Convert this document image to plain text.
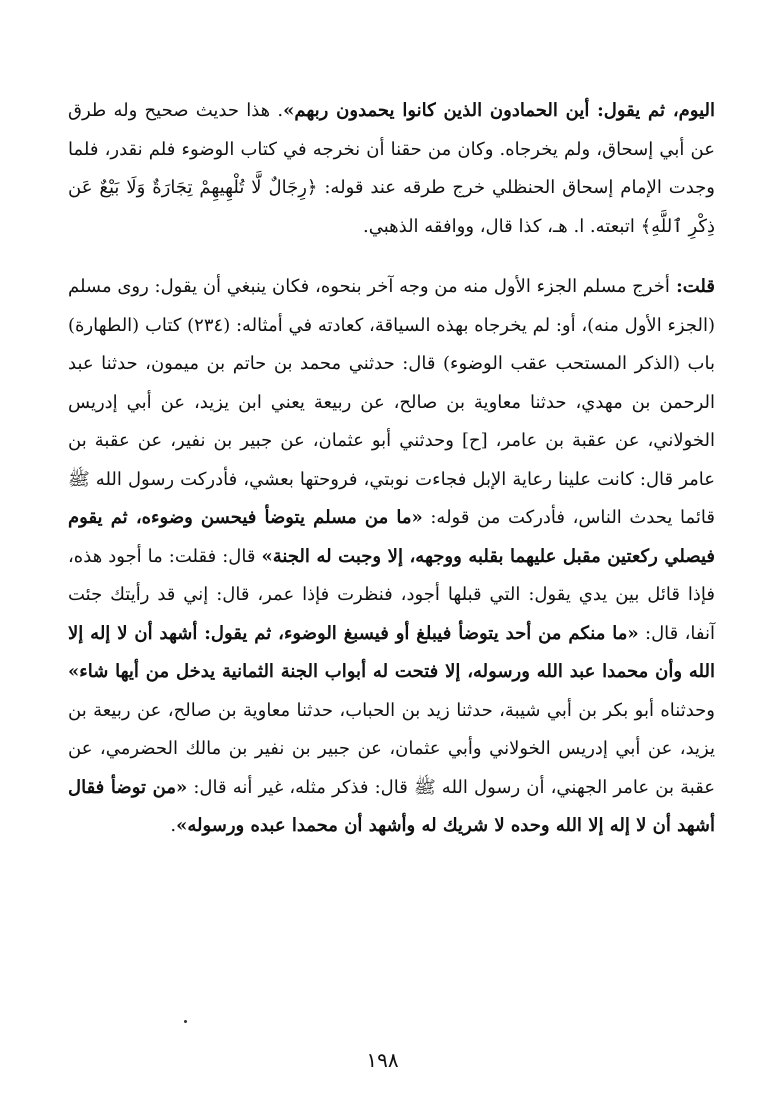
اليوم، ثم يقول: أين الحمادون الذين كانوا يحمدون ربهم». هذا حديث صحيح وله طرق عن أبي إسحاق، ولم يخرجاه. وكان من حقنا أن نخرجه في كتاب الوضوء فلم نقدر، فلما وجدت الإمام إسحاق الحنظلي خرج طرقه عند قوله: ﴿رِجَالٌ لَّا تُلْهِيهِمْ تِجَارَةٌ وَلَا بَيْعٌ عَن ذِكْرِ ٱللَّهِ﴾ اتبعته. ا. هـ، كذا قال، ووافقه الذهبي.

قلت: أخرج مسلم الجزء الأول منه من وجه آخر بنحوه، فكان ينبغي أن يقول: روى مسلم (الجزء الأول منه)، أو: لم يخرجاه بهذه السياقة، كعادته في أمثاله: (٢٣٤) كتاب (الطهارة) باب (الذكر المستحب عقب الوضوء) قال: حدثني محمد بن حاتم بن ميمون، حدثنا عبد الرحمن بن مهدي، حدثنا معاوية بن صالح، عن ربيعة يعني ابن يزيد، عن أبي إدريس الخولاني، عن عقبة بن عامر، [ح] وحدثني أبو عثمان، عن جبير بن نفير، عن عقبة بن عامر قال: كانت علينا رعاية الإبل فجاءت نوبتي، فروحتها بعشي، فأدركت رسول الله ﷺ قائما يحدث الناس، فأدركت من قوله: «ما من مسلم يتوضأ فيحسن وضوءه، ثم يقوم فيصلي ركعتين مقبل عليهما بقلبه ووجهه، إلا وجبت له الجنة» قال: فقلت: ما أجود هذه، فإذا قائل بين يدي يقول: التي قبلها أجود، فنظرت فإذا عمر، قال: إني قد رأيتك جئت آنفا، قال: «ما منكم من أحد يتوضأ فيبلغ أو فيسبغ الوضوء، ثم يقول: أشهد أن لا إله إلا الله وأن محمدا عبد الله ورسوله، إلا فتحت له أبواب الجنة الثمانية يدخل من أيها شاء» وحدثناه أبو بكر بن أبي شيبة، حدثنا زيد بن الحباب، حدثنا معاوية بن صالح، عن ربيعة بن يزيد، عن أبي إدريس الخولاني وأبي عثمان، عن جبير بن نفير بن مالك الحضرمي، عن عقبة بن عامر الجهني، أن رسول الله ﷺ قال: فذكر مثله، غير أنه قال: «من توضأ فقال أشهد أن لا إله إلا الله وحده لا شريك له وأشهد أن محمدا عبده ورسوله».

١٩٨
